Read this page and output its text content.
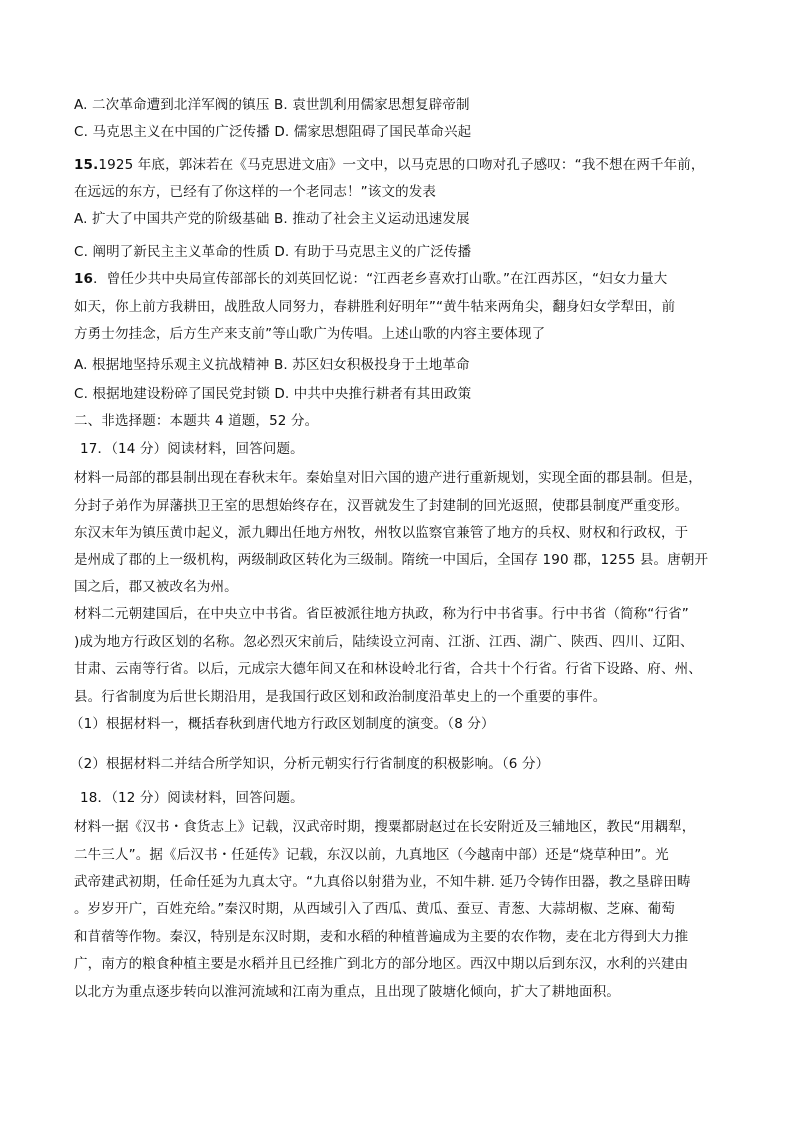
A. 二次革命遭到北洋军阀的镇压 B. 袁世凯利用儒家思想复辟帝制
C. 马克思主义在中国的广泛传播 D. 儒家思想阻碍了国民革命兴起
15.1925 年底，郭沫若在《马克思进文庙》一文中，以马克思的口吻对孔子感叹：“我不想在两千年前，
在远远的东方，已经有了你这样的一个老同志！”该文的发表
A. 扩大了中国共产党的阶级基础 B. 推动了社会主义运动迅速发展
C. 阐明了新民主主义革命的性质 D. 有助于马克思主义的广泛传播
16．曾任少共中央局宣传部部长的刘英回忆说：“江西老乡喜欢打山歌。”在江西苏区，“妇女力量大
如天，你上前方我耕田，战胜敌人同努力，春耕胜利好明年”“黄牛牯来两角尖，翻身妇女学犁田，前
方勇士勿挂念，后方生产来支前”等山歌广为传唱。上述山歌的内容主要体现了
A. 根据地坚持乐观主义抗战精神 B. 苏区妇女积极投身于土地革命
C. 根据地建设粉碎了国民党封锁 D. 中共中央推行耕者有其田政策
二、非选择题：本题共 4 道题，52 分。
17．（14 分）阅读材料，回答问题。
材料一局部的郡县制出现在春秋末年。秦始皇对旧六国的遗产进行重新规划，实现全面的郡县制。但是，
分封子弟作为屏藩拱卫王室的思想始终存在，汉晋就发生了封建制的回光返照，使郡县制度严重变形。
东汉末年为镇压黄巾起义，派九卿出任地方州牧，州牧以监察官兼管了地方的兵权、财权和行政权，于
是州成了郡的上一级机构，两级制政区转化为三级制。隋统一中国后，全国存 190 郡，1255 县。唐朝开
国之后，郡又被改名为州。
材料二元朝建国后，在中央立中书省。省臣被派往地方执政，称为行中书省事。行中书省（简称“行省”
)成为地方行政区划的名称。忽必烈灭宋前后，陆续设立河南、江浙、江西、湖广、陕西、四川、辽阳、
甘肃、云南等行省。以后，元成宗大德年间又在和林设岭北行省，合共十个行省。行省下设路、府、州、
县。行省制度为后世长期沿用，是我国行政区划和政治制度沿革史上的一个重要的事件。
（1）根据材料一，概括春秋到唐代地方行政区划制度的演变。（8 分）
（2）根据材料二并结合所学知识，分析元朝实行行省制度的积极影响。（6 分）
18．（12 分）阅读材料，回答问题。
材料一据《汉书・食货志上》记载，汉武帝时期，搜粟都尉赵过在长安附近及三辅地区，教民“用耦犁，
二牛三人”。据《后汉书・任延传》记载，东汉以前，九真地区（今越南中部）还是“烧草种田”。光
武帝建武初期，任命任延为九真太守。“九真俗以射猎为业，不知牛耕. 延乃令铸作田器，教之垦辟田畴
。岁岁开广，百姓充给。”秦汉时期，从西域引入了西瓜、黄瓜、蚕豆、青葱、大蒜胡椒、芝麻、葡萄
和苜蓿等作物。秦汉，特别是东汉时期，麦和水稻的种植普遍成为主要的农作物，麦在北方得到大力推
广，南方的粮食种植主要是水稻并且已经推广到北方的部分地区。西汉中期以后到东汉，水利的兴建由
以北方为重点逐步转向以淮河流域和江南为重点，且出现了陂塘化倾向，扩大了耕地面积。
